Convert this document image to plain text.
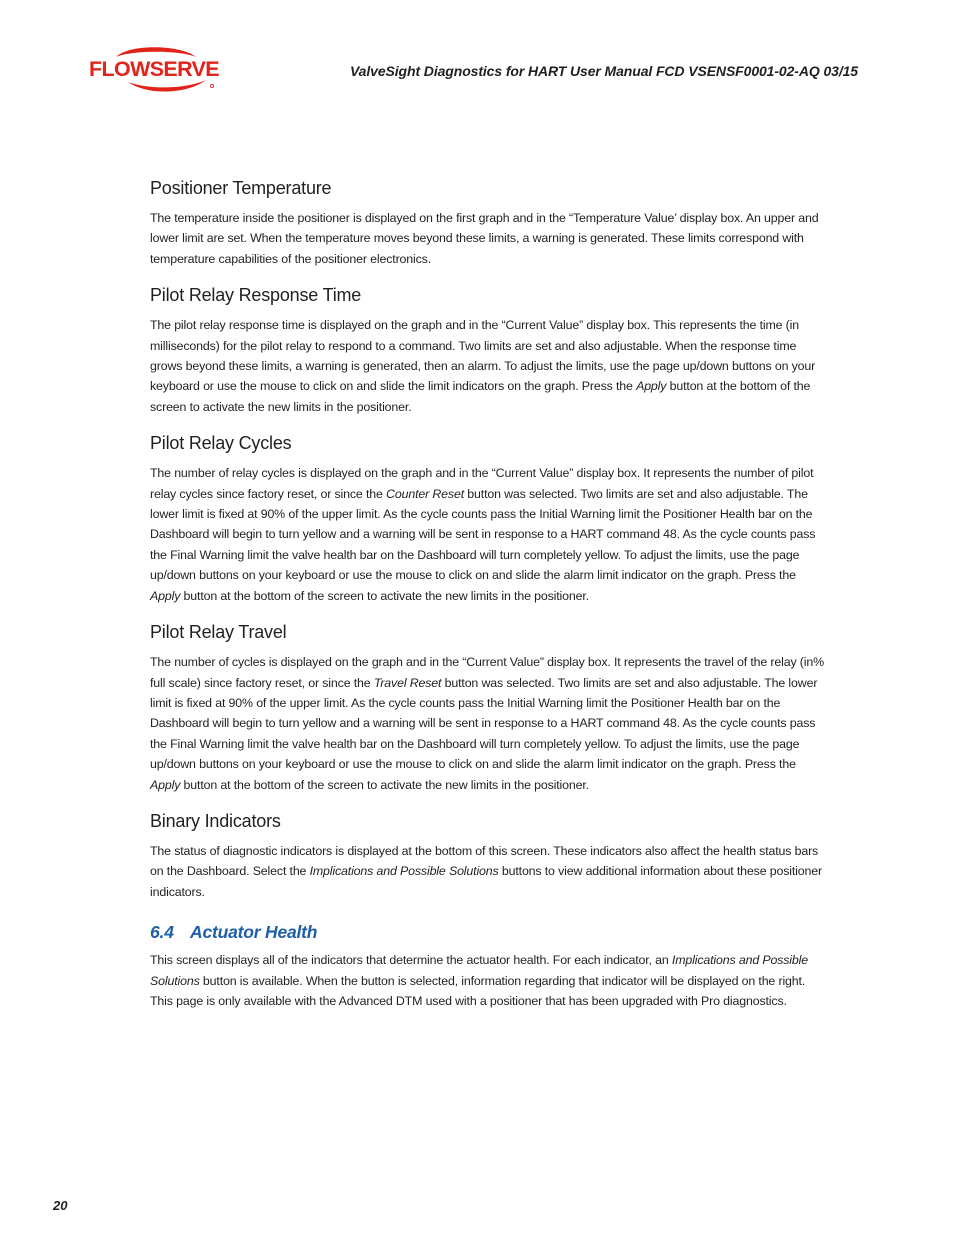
FLOWSERVE	ValveSight Diagnostics for HART User Manual FCD VSENSF0001-02-AQ 03/15
Positioner Temperature

The temperature inside the positioner is displayed on the first graph and in the “Temperature Value’ display box. An upper and lower limit are set. When the temperature moves beyond these limits, a warning is generated. These limits correspond with temperature capabilities of the positioner electronics.

Pilot Relay Response Time

The pilot relay response time is displayed on the graph and in the “Current Value” display box. This represents the time (in milliseconds) for the pilot relay to respond to a command. Two limits are set and also adjustable. When the response time grows beyond these limits, a warning is generated, then an alarm. To adjust the limits, use the page up/down buttons on your keyboard or use the mouse to click on and slide the limit indicators on the graph. Press the Apply button at the bottom of the screen to activate the new limits in the positioner.

Pilot Relay Cycles

The number of relay cycles is displayed on the graph and in the “Current Value” display box. It represents the number of pilot relay cycles since factory reset, or since the Counter Reset button was selected. Two limits are set and also adjustable. The lower limit is fixed at 90% of the upper limit. As the cycle counts pass the Initial Warning limit the Positioner Health bar on the Dashboard will begin to turn yellow and a warning will be sent in response to a HART command 48. As the cycle counts pass the Final Warning limit the valve health bar on the Dashboard will turn completely yellow. To adjust the limits, use the page up/down buttons on your keyboard or use the mouse to click on and slide the alarm limit indicator on the graph. Press the Apply button at the bottom of the screen to activate the new limits in the positioner.

Pilot Relay Travel

The number of cycles is displayed on the graph and in the “Current Value” display box. It represents the travel of the relay (in% full scale) since factory reset, or since the Travel Reset button was selected. Two limits are set and also adjustable. The lower limit is fixed at 90% of the upper limit. As the cycle counts pass the Initial Warning limit the Positioner Health bar on the Dashboard will begin to turn yellow and a warning will be sent in response to a HART command 48. As the cycle counts pass the Final Warning limit the valve health bar on the Dashboard will turn completely yellow. To adjust the limits, use the page up/down buttons on your keyboard or use the mouse to click on and slide the alarm limit indicator on the graph. Press the Apply button at the bottom of the screen to activate the new limits in the positioner.

Binary Indicators

The status of diagnostic indicators is displayed at the bottom of this screen. These indicators also affect the health status bars on the Dashboard. Select the Implications and Possible Solutions buttons to view additional information about these positioner indicators.

6.4 Actuator Health

This screen displays all of the indicators that determine the actuator health. For each indicator, an Implications and Possible Solutions button is available. When the button is selected, information regarding that indicator will be displayed on the right. This page is only available with the Advanced DTM used with a positioner that has been upgraded with Pro diagnostics.

20
